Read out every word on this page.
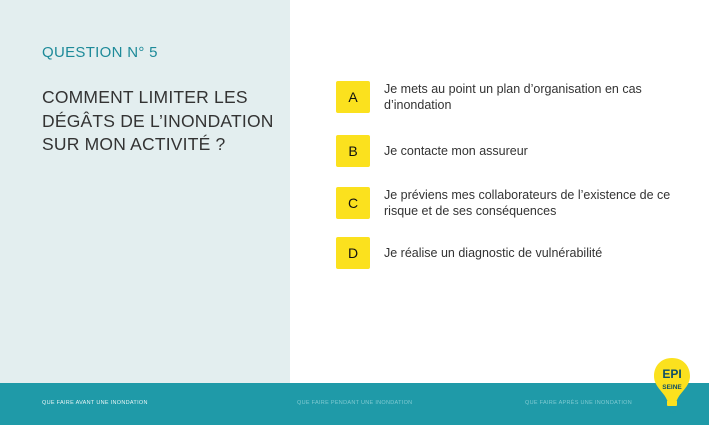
QUESTION N° 5
COMMENT LIMITER LES DÉGÂTS DE L’INONDATION SUR MON ACTIVITÉ ?
A	Je mets au point un plan d’organisation en cas d’inondation
B	Je contacte mon assureur
C	Je préviens mes collaborateurs de l’existence de ce risque et de ses conséquences
D	Je réalise un diagnostic de vulnérabilité
QUE FAIRE AVANT UNE INONDATION	QUE FAIRE PENDANT UNE INONDATION	QUE FAIRE APRÈS UNE INONDATION
EPI
SEINE
